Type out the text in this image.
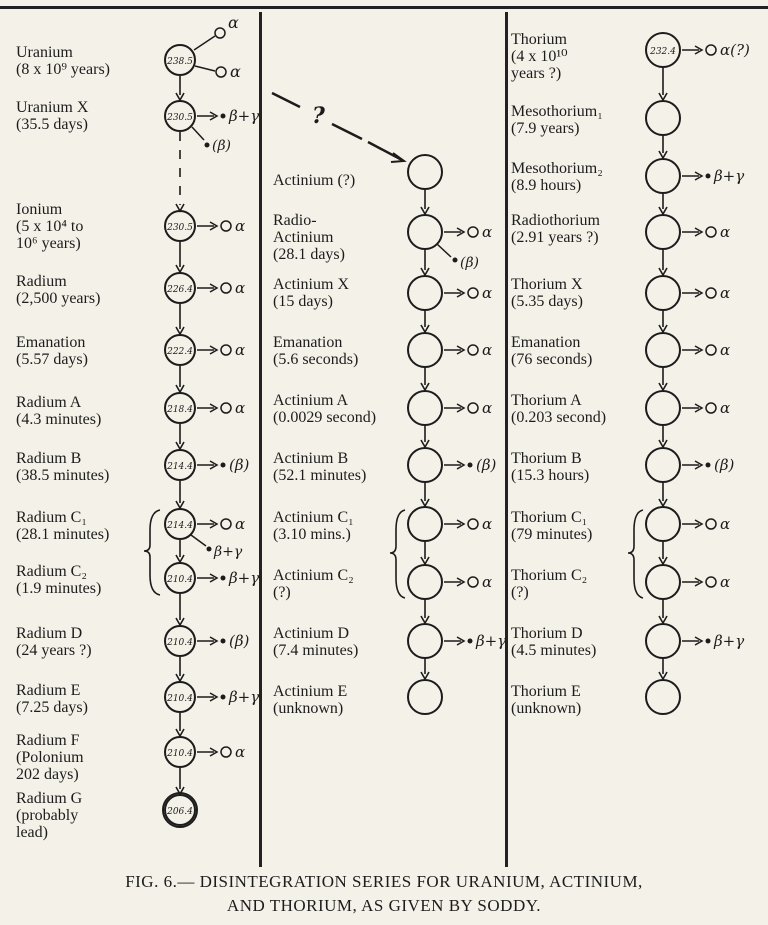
Uranium
(8 x 10⁹ years)
Uranium X
(35.5 days)
Ionium
(5 x 10⁴ to
10⁶ years)
Radium
(2,500 years)
Emanation
(5.57 days)
Radium A
(4.3 minutes)
Radium B
(38.5 minutes)
Radium C₁
(28.1 minutes)
Radium C₂
(1.9 minutes)
Radium D
(24 years ?)
Radium E
(7.25 days)
Radium F
(Polonium
202 days)
Radium G
(probably
lead)
Actinium (?)
Radio-
Actinium
(28.1 days)
Actinium X
(15 days)
Emanation
(5.6 seconds)
Actinium A
(0.0029 second)
Actinium B
(52.1 minutes)
Actinium C₁
(3.10 mins.)
Actinium C₂
(?)
Actinium D
(7.4 minutes)
Actinium E
(unknown)
Thorium
(4 x 10¹⁰
years ?)
Mesothorium₁
(7.9 years)
Mesothorium₂
(8.9 hours)
Radiothorium
(2.91 years ?)
Thorium X
(5.35 days)
Emanation
(76 seconds)
Thorium A
(0.203 second)
Thorium B
(15.3 hours)
Thorium C₁
(79 minutes)
Thorium C₂
(?)
Thorium D
(4.5 minutes)
Thorium E
(unknown)
238.5
230.5
230.5
226.4
222.4
218.4
214.4
214.4
210.4
210.4
210.4
210.4
206.4
α
α
β+γ
(β)
α
α
α
α
(β)
α
β+γ
β+γ
(β)
β+γ
α
?
α
(β)
α
α
α
(β)
α
α
β+γ
232.4	α(?)
β+γ
α
α
α
α
(β)
α
α
β+γ
FIG. 6.— DISINTEGRATION SERIES FOR URANIUM, ACTINIUM,
AND THORIUM, AS GIVEN BY SODDY.
